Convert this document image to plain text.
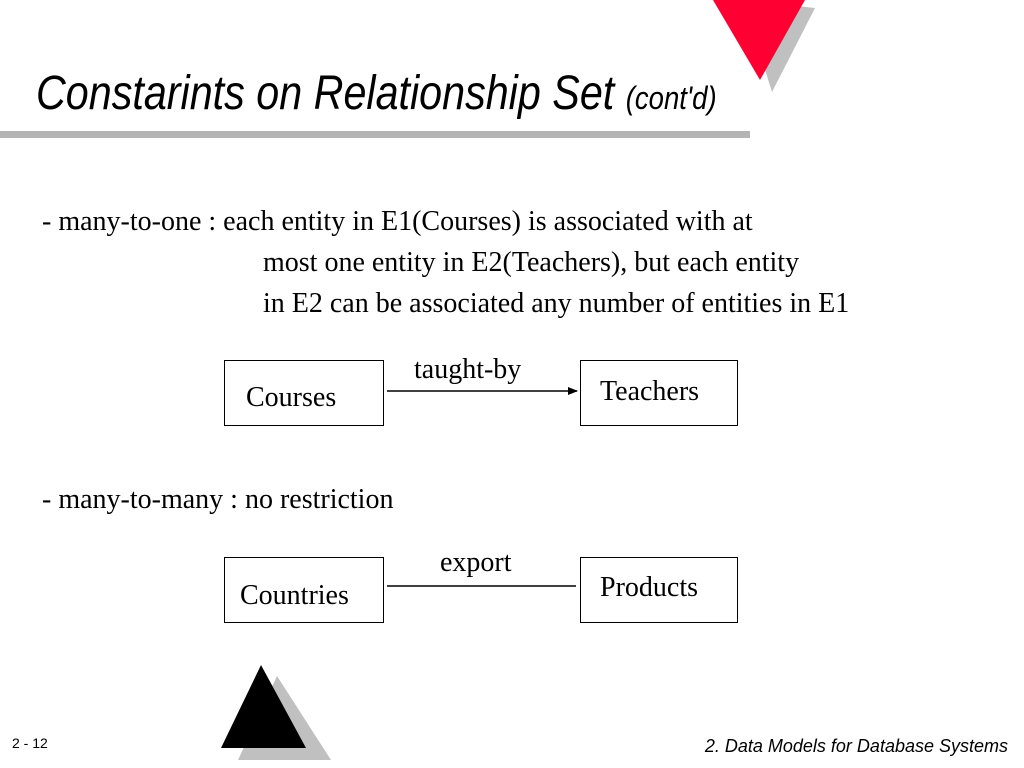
Constarints on Relationship Set (cont'd)
- many-to-one : each entity in E1(Courses) is associated with at
most one entity in E2(Teachers), but each entity
in E2 can be associated any number of entities in E1
Courses	Teachers
taught-by
- many-to-many : no restriction
Countries	Products
export
2 - 12	2. Data Models for Database Systems
